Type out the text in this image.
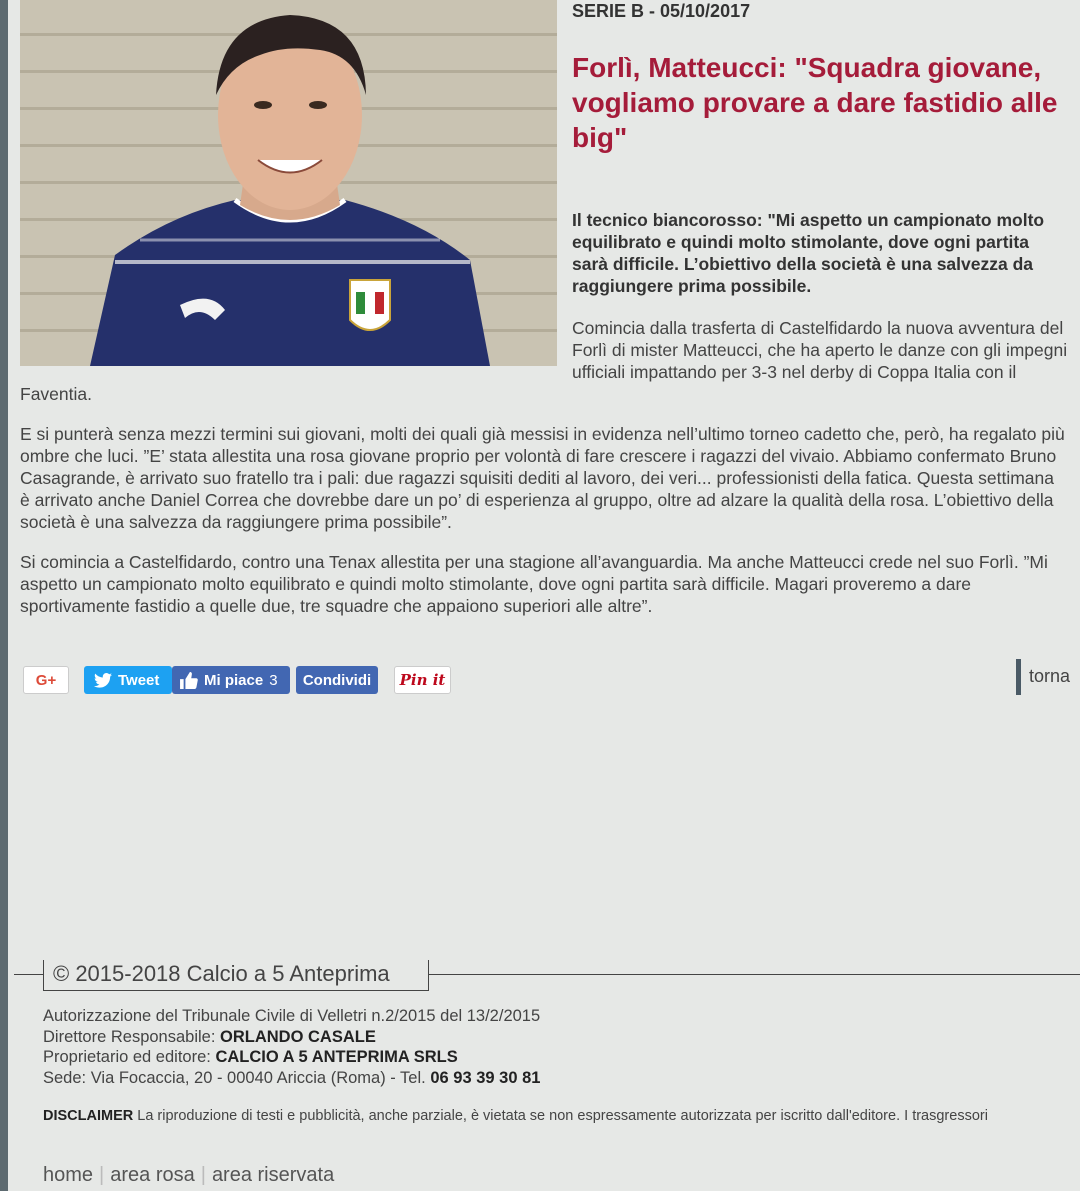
SERIE B - 05/10/2017

Forlì, Matteucci: "Squadra giovane, vogliamo provare a dare fastidio alle big"

Il tecnico biancorosso: "Mi aspetto un campionato molto equilibrato e quindi molto stimolante, dove ogni partita sarà difficile. L’obiettivo della società è una salvezza da raggiungere prima possibile.

Comincia dalla trasferta di Castelfidardo la nuova avventura del Forlì di mister Matteucci, che ha aperto le danze con gli impegni ufficiali impattando per 3-3 nel derby di Coppa Italia con il Faventia.

E si punterà senza mezzi termini sui giovani, molti dei quali già messisi in evidenza nell’ultimo torneo cadetto che, però, ha regalato più ombre che luci. ”E’ stata allestita una rosa giovane proprio per volontà di fare crescere i ragazzi del vivaio. Abbiamo confermato Bruno Casagrande, è arrivato suo fratello tra i pali: due ragazzi squisiti dediti al lavoro, dei veri... professionisti della fatica. Questa settimana è arrivato anche Daniel Correa che dovrebbe dare un po’ di esperienza al gruppo, oltre ad alzare la qualità della rosa. L’obiettivo della società è una salvezza da raggiungere prima possibile”.

Si comincia a Castelfidardo, contro una Tenax allestita per una stagione all’avanguardia. Ma anche Matteucci crede nel suo Forlì. ”Mi aspetto un campionato molto equilibrato e quindi molto stimolante, dove ogni partita sarà difficile. Magari proveremo a dare sportivamente fastidio a quelle due, tre squadre che appaiono superiori alle altre”.

G+	Tweet	Mi piace 3 Condividi Pin it	torna
© 2015-2018 Calcio a 5 Anteprima
Autorizzazione del Tribunale Civile di Velletri n.2/2015 del 13/2/2015
Direttore Responsabile: ORLANDO CASALE
Proprietario ed editore: CALCIO A 5 ANTEPRIMA SRLS
Sede: Via Focaccia, 20 - 00040 Ariccia (Roma) - Tel. 06 93 39 30 81
DISCLAIMER La riproduzione di testi e pubblicità, anche parziale, è vietata se non espressamente autorizzata per iscritto dall'editore. I trasgressori
home | area rosa | area riservata
